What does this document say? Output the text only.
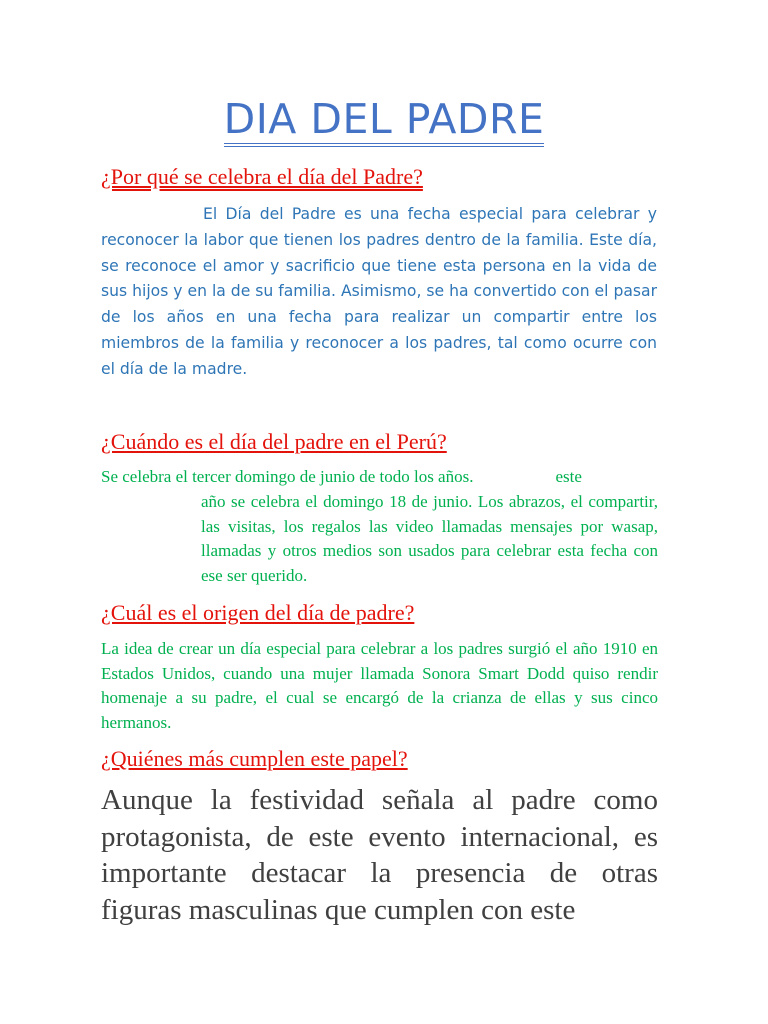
DIA DEL PADRE
¿Por qué se celebra el día del Padre?
El Día del Padre es una fecha especial para celebrar y reconocer la labor que tienen los padres dentro de la familia. Este día, se reconoce el amor y sacrificio que tiene esta persona en la vida de sus hijos y en la de su familia. Asimismo, se ha convertido con el pasar de los años en una fecha para realizar un compartir entre los miembros de la familia y reconocer a los padres, tal como ocurre con el día de la madre.
¿Cuándo es el día del padre en el Perú?
Se celebra el tercer domingo de junio de todo los años.	este
año se celebra el domingo 18 de junio. Los abrazos, el compartir, las visitas, los regalos las video llamadas mensajes por wasap, llamadas y otros medios son usados para celebrar esta fecha con ese ser querido.
¿Cuál es el origen del día de padre?
La idea de crear un día especial para celebrar a los padres surgió el año 1910 en Estados Unidos, cuando una mujer llamada Sonora Smart Dodd quiso rendir homenaje a su padre, el cual se encargó de la crianza de ellas y sus cinco hermanos.
¿Quiénes más cumplen este papel?
Aunque la festividad señala al padre como protagonista, de este evento internacional, es importante destacar la presencia de otras figuras masculinas que cumplen con este
